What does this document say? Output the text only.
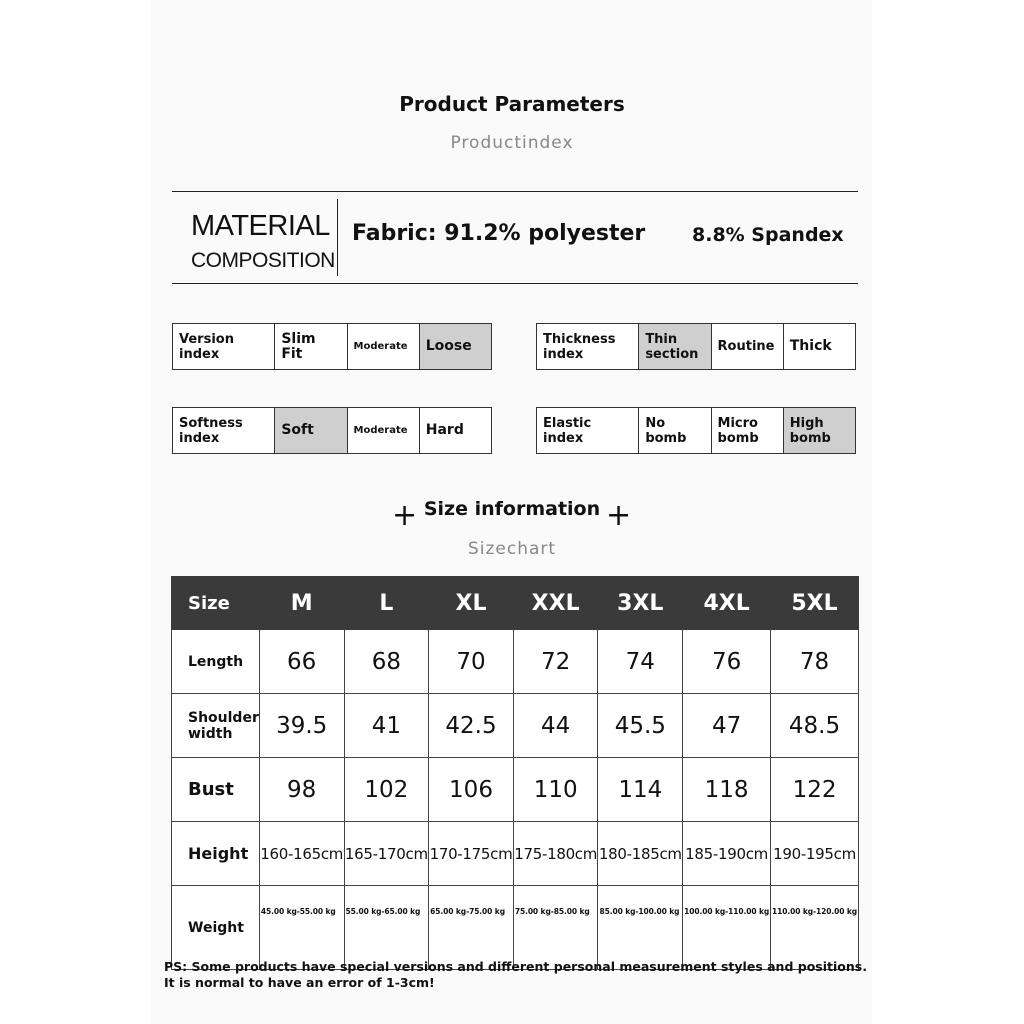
Product Parameters
Productindex
MATERIAL
COMPOSITION
Fabric: 91.2% polyester 8.8% Spandex
Version index	Slim Fit	Moderate	Loose	Thickness index	Thin section	Routine	Thick
Softness index	Soft	Moderate	Hard	Elastic index	No bomb	Micro bomb	High bomb
+ Size information +
Sizechart
Size	M	L	XL	XXL	3XL	4XL	5XL
Length	66	68	70	72	74	76	78
Shoulder width	39.5	41	42.5	44	45.5	47	48.5
Bust	98	102	106	110	114	118	122
Height	160-165cm	165-170cm	170-175cm	175-180cm	180-185cm	185-190cm	190-195cm
Weight	45.00 kg-55.00 kg	55.00 kg-65.00 kg	65.00 kg-75.00 kg	75.00 kg-85.00 kg	85.00 kg-100.00 kg	100.00 kg-110.00 kg	110.00 kg-120.00 kg
PS: Some products have special versions and different personal measurement styles and positions.
It is normal to have an error of 1-3cm!
